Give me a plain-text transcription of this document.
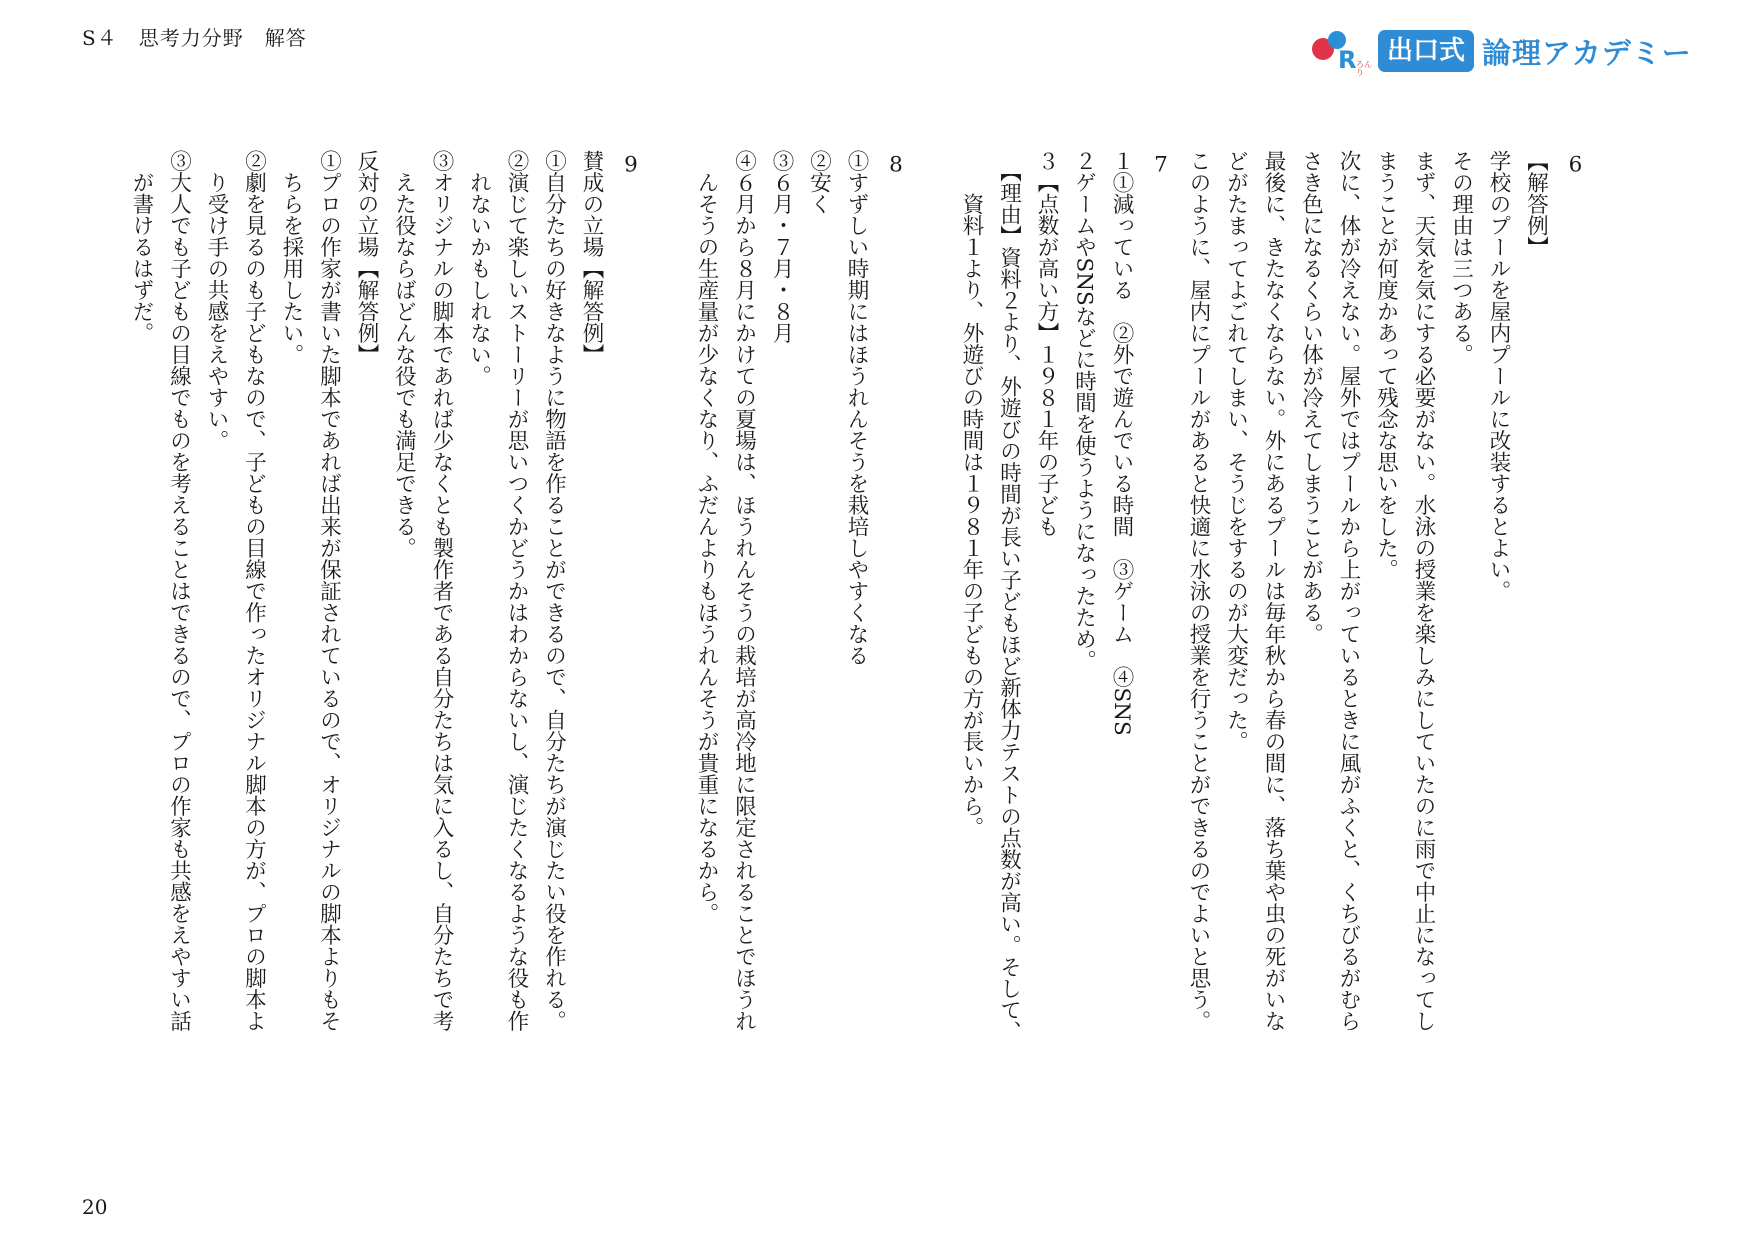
S４　思考力分野　解答
R ろんり
出口式 論理アカデミー
6
【解答例】
学校のプールを屋内プールに改装するとよい。
その理由は三つある。
まず、天気を気にする必要がない。水泳の授業を楽しみにしていたのに雨で中止になってし
まうことが何度かあって残念な思いをした。
次に、体が冷えない。屋外ではプールから上がっているときに風がふくと、くちびるがむら
さき色になるくらい体が冷えてしまうことがある。
最後に、きたなくならない。外にあるプールは毎年秋から春の間に、落ち葉や虫の死がいな
どがたまってよごれてしまい、そうじをするのが大変だった。
このように、屋内にプールがあると快適に水泳の授業を行うことができるのでよいと思う。
7
１①減っている　②外で遊んでいる時間　③ゲーム　④SNS
２ゲームやSNSなどに時間を使うようになったため。
３【点数が高い方】１９８１年の子ども
　【理由】資料２より、外遊びの時間が長い子どもほど新体力テストの点数が高い。そして、
　　資料１より、外遊びの時間は１９８１年の子どもの方が長いから。
8
①すずしい時期にはほうれんそうを栽培しやすくなる
②安く
③６月・７月・８月
④６月から８月にかけての夏場は、ほうれんそうの栽培が高冷地に限定されることでほうれ
　んそうの生産量が少なくなり、ふだんよりもほうれんそうが貴重になるから。
9
賛成の立場【解答例】
①自分たちの好きなように物語を作ることができるので、自分たちが演じたい役を作れる。
②演じて楽しいストーリーが思いつくかどうかはわからないし、演じたくなるような役も作
　れないかもしれない。
③オリジナルの脚本であれば少なくとも製作者である自分たちは気に入るし、自分たちで考
　えた役ならばどんな役でも満足できる。
反対の立場【解答例】
①プロの作家が書いた脚本であれば出来が保証されているので、オリジナルの脚本よりもそ
　ちらを採用したい。
②劇を見るのも子どもなので、子どもの目線で作ったオリジナル脚本の方が、プロの脚本よ
　り受け手の共感をえやすい。
③大人でも子どもの目線でものを考えることはできるので、プロの作家も共感をえやすい話
　が書けるはずだ。
20
